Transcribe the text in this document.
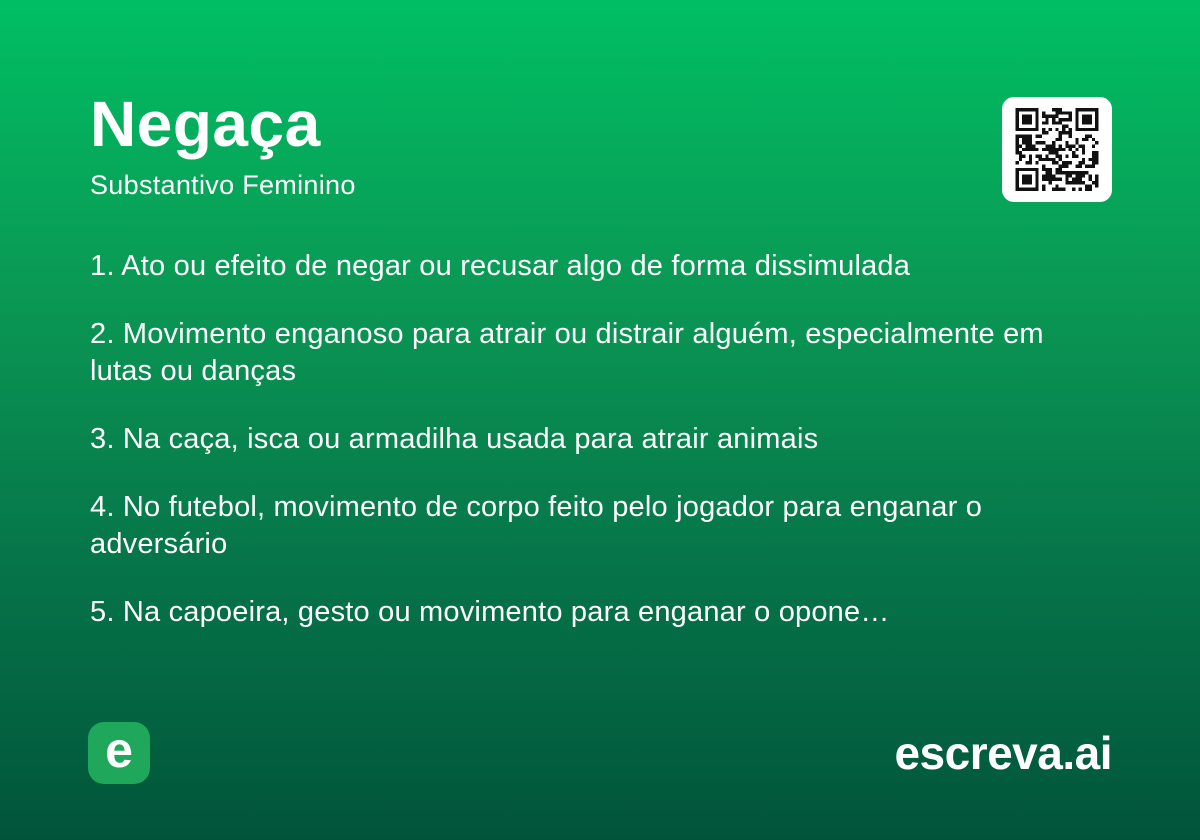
Negaça
Substantivo Feminino
1. Ato ou efeito de negar ou recusar algo de forma dissimulada
2. Movimento enganoso para atrair ou distrair alguém, especialmente em lutas ou danças
3. Na caça, isca ou armadilha usada para atrair animais
4. No futebol, movimento de corpo feito pelo jogador para enganar o adversário
5. Na capoeira, gesto ou movimento para enganar o opone…
e	escreva.ai
